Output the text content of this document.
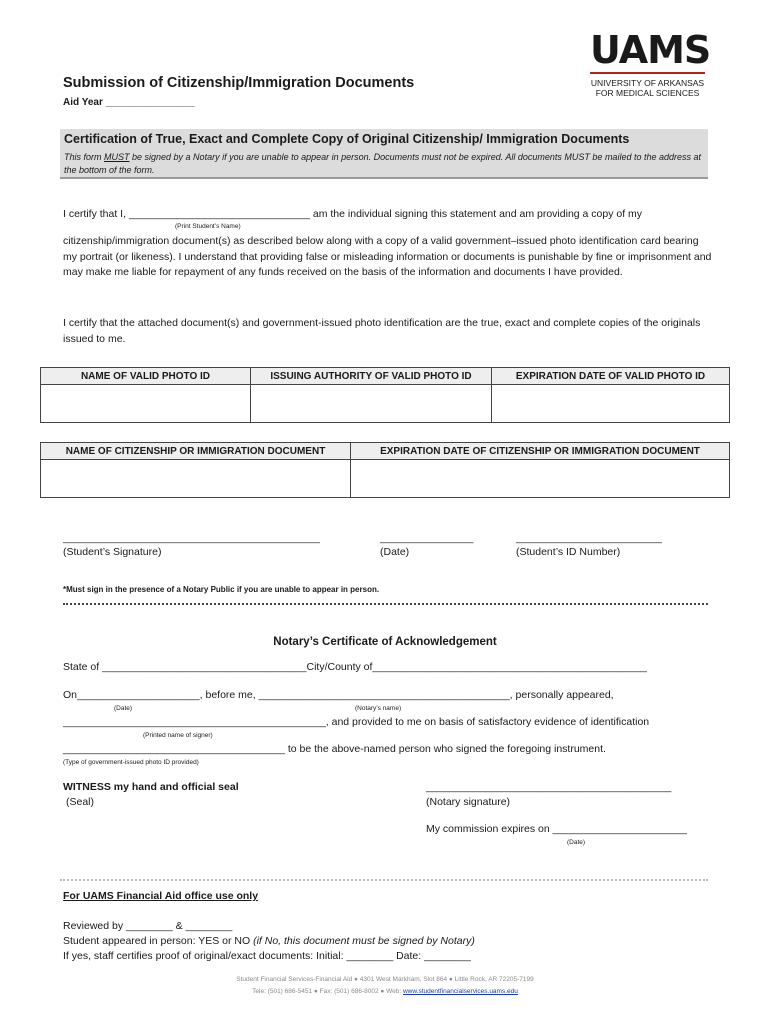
UAMS
UNIVERSITY OF ARKANSAS
FOR MEDICAL SCIENCES
Submission of Citizenship/Immigration Documents
Aid Year ________________
Certification of True, Exact and Complete Copy of Original Citizenship/ Immigration Documents
This form MUST be signed by a Notary if you are unable to appear in person. Documents must not be expired. All documents MUST be mailed to the address at the bottom of the form.
I certify that I, _______________________________ am the individual signing this statement and am providing a copy of my
(Print Student’s Name)
citizenship/immigration document(s) as described below along with a copy of a valid government–issued photo identification card bearing my portrait (or likeness). I understand that providing false or misleading information or documents is punishable by fine or imprisonment and may make me liable for repayment of any funds received on the basis of the information and documents I have provided.
I certify that the attached document(s) and government-issued photo identification are the true, exact and complete copies of the originals issued to me.
NAME OF VALID PHOTO ID	ISSUING AUTHORITY OF VALID PHOTO ID	EXPIRATION DATE OF VALID PHOTO ID

NAME OF CITIZENSHIP OR IMMIGRATION DOCUMENT	EXPIRATION DATE OF CITIZENSHIP OR IMMIGRATION DOCUMENT

____________________________________________	________________	_________________________
(Student’s Signature)	(Date)	(Student’s ID Number)
*Must sign in the presence of a Notary Public if you are unable to appear in person.
Notary’s Certificate of Acknowledgement
State of ___________________________________City/County of_______________________________________________
On_____________________, before me, ___________________________________________, personally appeared,
(Date)	(Notary’s name)
_____________________________________________, and provided to me on basis of satisfactory evidence of identification
(Printed name of signer)
______________________________________ to be the above-named person who signed the foregoing instrument.
(Type of government-issued photo ID provided)
WITNESS my hand and official seal
(Seal)
__________________________________________
(Notary signature)
My commission expires on _______________________
(Date)
For UAMS Financial Aid office use only
Reviewed by ________ & ________
Student appeared in person: YES or NO (if No, this document must be signed by Notary)
If yes, staff certifies proof of original/exact documents: Initial: ________ Date: ________
Student Financial Services-Financial Aid ● 4301 West Markham, Slot 864 ● Little Rock, AR 72205-7199
Tele: (501) 686-5451 ● Fax: (501) 686-8002 ● Web: www.studentfinancialservices.uams.edu
